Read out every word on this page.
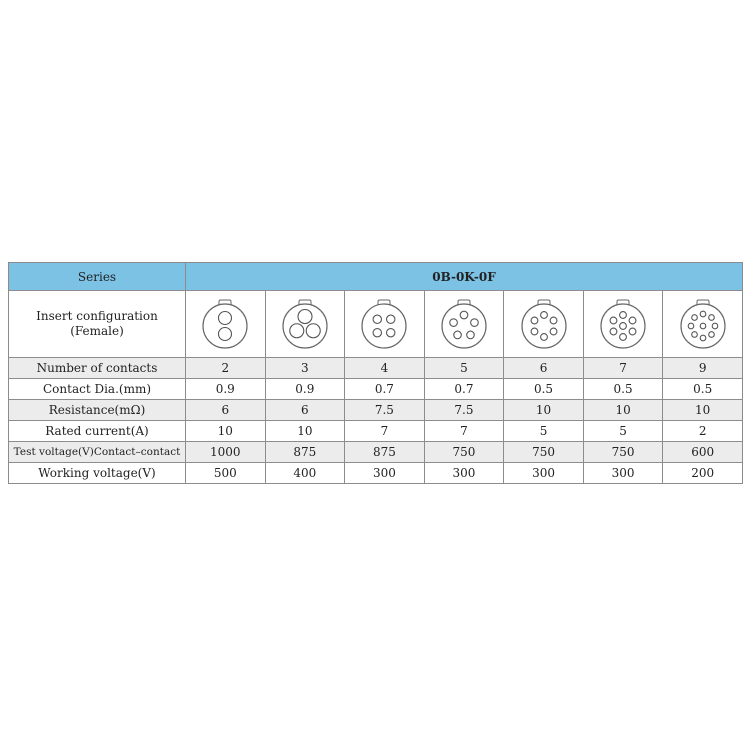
Series	0B-0K-0F						
Insert configuration (Female)	

Number of contacts	2	3	4	5	6	7	9
Contact Dia.(mm)	0.9	0.9	0.7	0.7	0.5	0.5	0.5
Resistance(mΩ)	6	6	7.5	7.5	10	10	10
Rated current(A)	10	10	7	7	5	5	2
Test voltage(V)Contact–contact	1000	875	875	750	750	750	600
Working voltage(V)	500	400	300	300	300	300	200
